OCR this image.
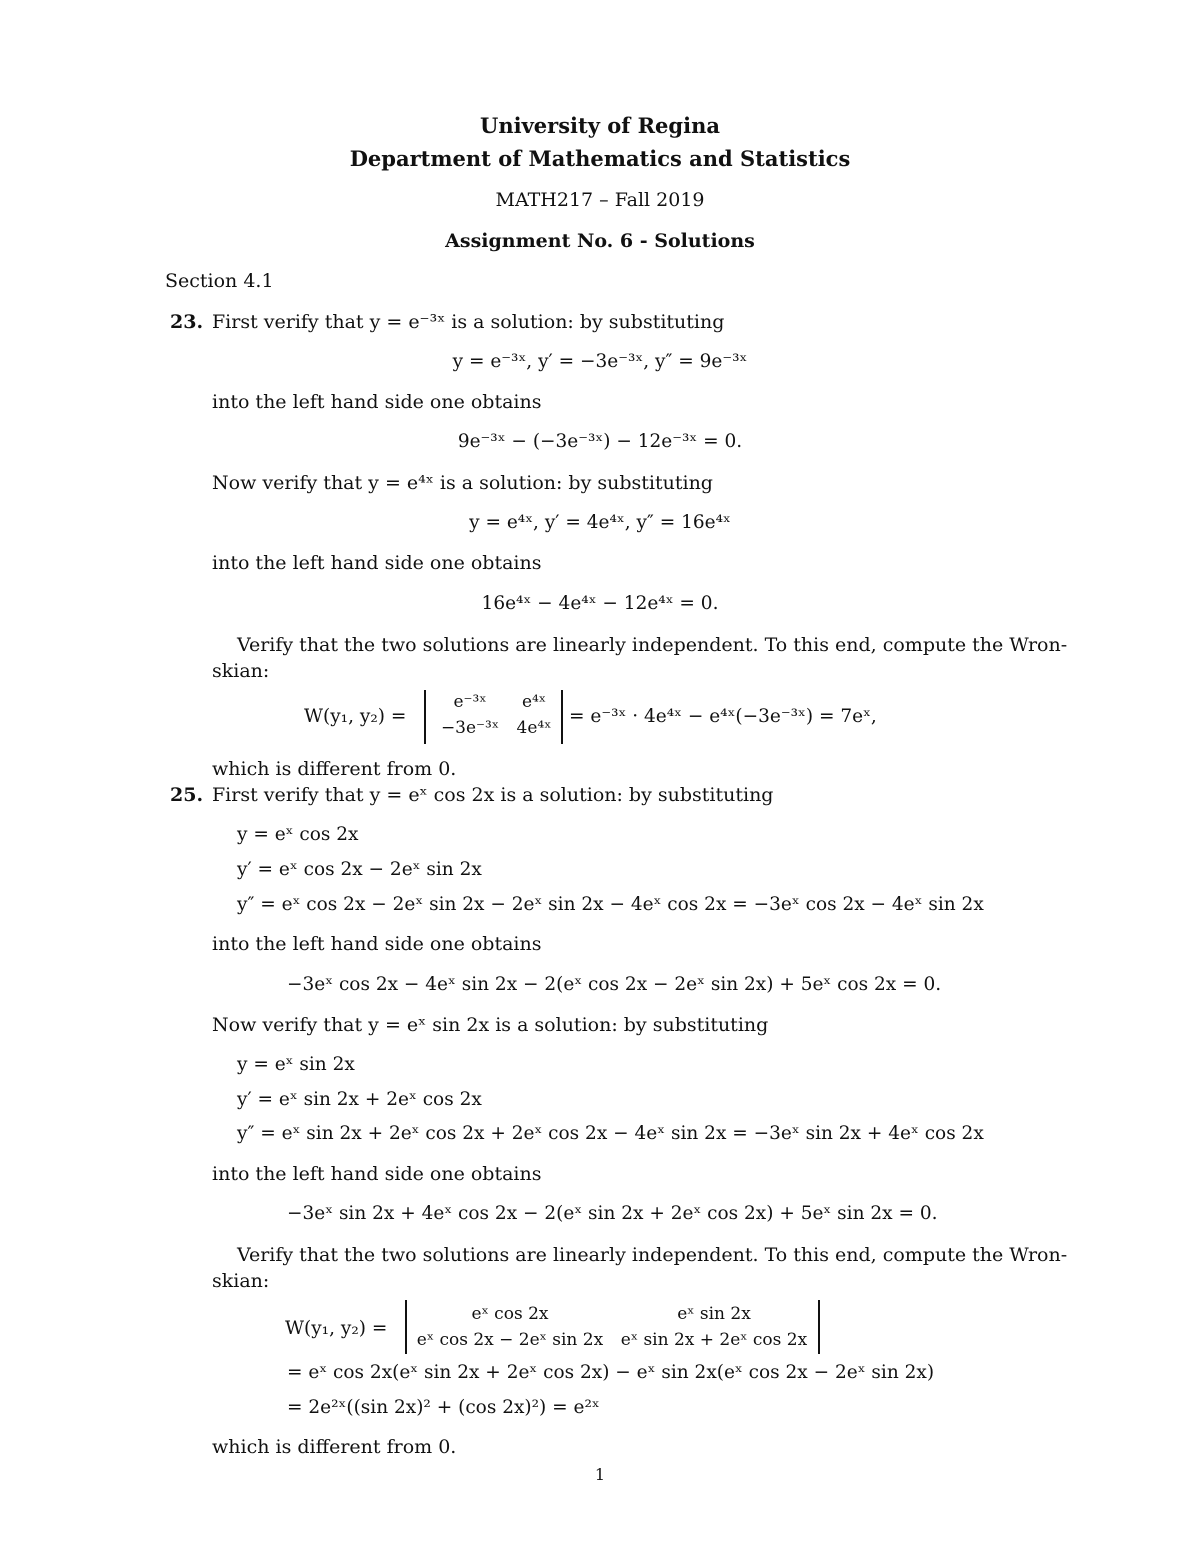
University of Regina
Department of Mathematics and Statistics
MATH217 – Fall 2019
Assignment No. 6 - Solutions
Section 4.1
23. First verify that y = e⁻³ˣ is a solution: by substituting
y = e⁻³ˣ, y′ = −3e⁻³ˣ, y″ = 9e⁻³ˣ
into the left hand side one obtains
9e⁻³ˣ − (−3e⁻³ˣ) − 12e⁻³ˣ = 0.
Now verify that y = e⁴ˣ is a solution: by substituting
y = e⁴ˣ, y′ = 4e⁴ˣ, y″ = 16e⁴ˣ
into the left hand side one obtains
16e⁴ˣ − 4e⁴ˣ − 12e⁴ˣ = 0.
Verify that the two solutions are linearly independent. To this end, compute the Wron-
skian:
W(y₁, y₂) =
e⁻³ˣ	e⁴ˣ
−3e⁻³ˣ	4e⁴ˣ
= e⁻³ˣ · 4e⁴ˣ − e⁴ˣ(−3e⁻³ˣ) = 7eˣ,
which is different from 0.
25. First verify that y = eˣ cos 2x is a solution: by substituting
y = eˣ cos 2x
y′ = eˣ cos 2x − 2eˣ sin 2x
y″ = eˣ cos 2x − 2eˣ sin 2x − 2eˣ sin 2x − 4eˣ cos 2x = −3eˣ cos 2x − 4eˣ sin 2x
into the left hand side one obtains
−3eˣ cos 2x − 4eˣ sin 2x − 2(eˣ cos 2x − 2eˣ sin 2x) + 5eˣ cos 2x = 0.
Now verify that y = eˣ sin 2x is a solution: by substituting
y = eˣ sin 2x
y′ = eˣ sin 2x + 2eˣ cos 2x
y″ = eˣ sin 2x + 2eˣ cos 2x + 2eˣ cos 2x − 4eˣ sin 2x = −3eˣ sin 2x + 4eˣ cos 2x
into the left hand side one obtains
−3eˣ sin 2x + 4eˣ cos 2x − 2(eˣ sin 2x + 2eˣ cos 2x) + 5eˣ sin 2x = 0.
Verify that the two solutions are linearly independent. To this end, compute the Wron-
skian:
W(y₁, y₂) =
eˣ cos 2x	eˣ sin 2x
eˣ cos 2x − 2eˣ sin 2x	eˣ sin 2x + 2eˣ cos 2x
= eˣ cos 2x(eˣ sin 2x + 2eˣ cos 2x) − eˣ sin 2x(eˣ cos 2x − 2eˣ sin 2x)
= 2e²ˣ((sin 2x)² + (cos 2x)²) = e²ˣ
which is different from 0.
1
